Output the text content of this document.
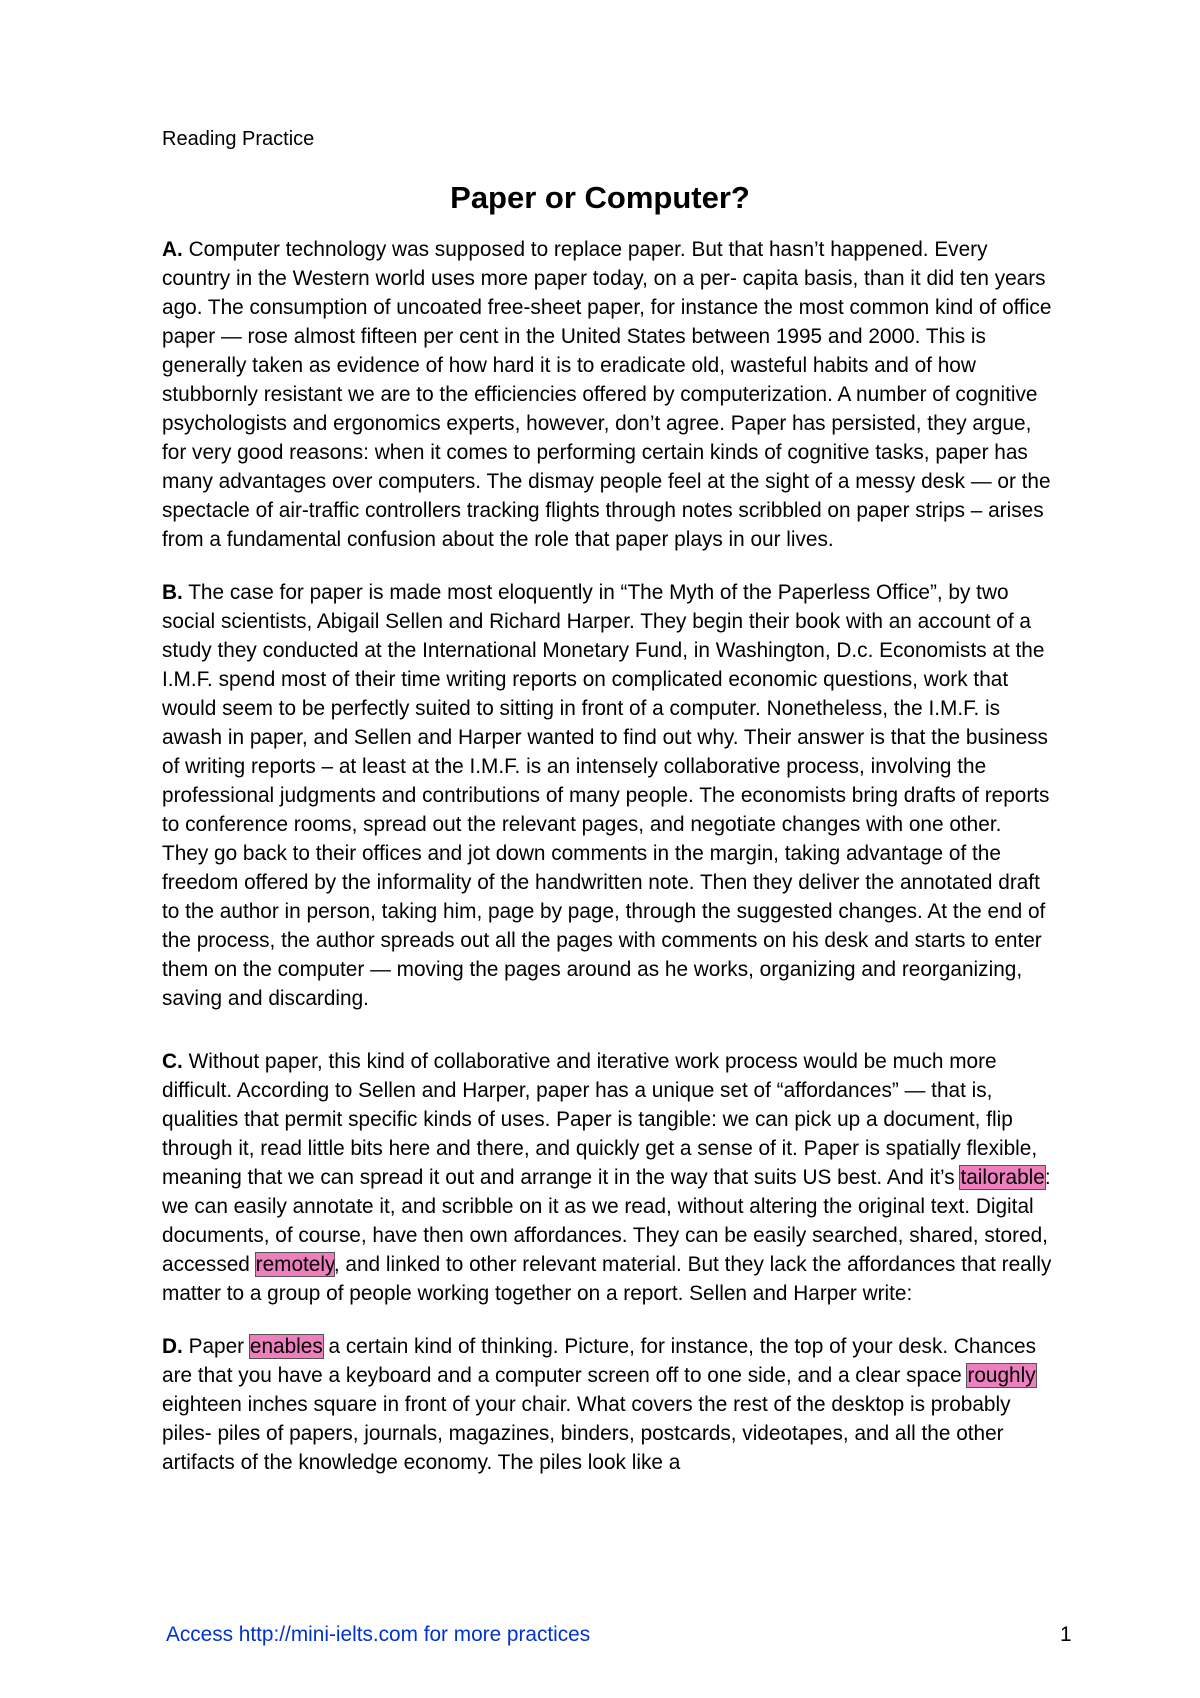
Reading Practice
Paper or Computer?

A. Computer technology was supposed to replace paper. But that hasn’t happened. Every country in the Western world uses more paper today, on a per- capita basis, than it did ten years ago. The consumption of uncoated free-sheet paper, for instance the most common kind of office paper — rose almost fifteen per cent in the United States between 1995 and 2000. This is generally taken as evidence of how hard it is to eradicate old, wasteful habits and of how stubbornly resistant we are to the efficiencies offered by computerization. A number of cognitive psychologists and ergonomics experts, however, don’t agree. Paper has persisted, they argue, for very good reasons: when it comes to performing certain kinds of cognitive tasks, paper has many advantages over computers. The dismay people feel at the sight of a messy desk — or the spectacle of air-traffic controllers tracking flights through notes scribbled on paper strips – arises from a fundamental confusion about the role that paper plays in our lives.

B. The case for paper is made most eloquently in “The Myth of the Paperless Office”, by two social scientists, Abigail Sellen and Richard Harper. They begin their book with an account of a study they conducted at the International Monetary Fund, in Washington, D.c. Economists at the I.M.F. spend most of their time writing reports on complicated economic questions, work that would seem to be perfectly suited to sitting in front of a computer. Nonetheless, the I.M.F. is awash in paper, and Sellen and Harper wanted to find out why. Their answer is that the business of writing reports – at least at the I.M.F. is an intensely collaborative process, involving the professional judgments and contributions of many people. The economists bring drafts of reports to conference rooms, spread out the relevant pages, and negotiate changes with one other. They go back to their offices and jot down comments in the margin, taking advantage of the freedom offered by the informality of the handwritten note. Then they deliver the annotated draft to the author in person, taking him, page by page, through the suggested changes. At the end of the process, the author spreads out all the pages with comments on his desk and starts to enter them on the computer — moving the pages around as he works, organizing and reorganizing, saving and discarding.

C. Without paper, this kind of collaborative and iterative work process would be much more difficult. According to Sellen and Harper, paper has a unique set of “affordances” — that is, qualities that permit specific kinds of uses. Paper is tangible: we can pick up a document, flip through it, read little bits here and there, and quickly get a sense of it. Paper is spatially flexible, meaning that we can spread it out and arrange it in the way that suits US best. And it’s tailorable: we can easily annotate it, and scribble on it as we read, without altering the original text. Digital documents, of course, have then own affordances. They can be easily searched, shared, stored, accessed remotely, and linked to other relevant material. But they lack the affordances that really matter to a group of people working together on a report. Sellen and Harper write:

D. Paper enables a certain kind of thinking. Picture, for instance, the top of your desk. Chances are that you have a keyboard and a computer screen off to one side, and a clear space roughly eighteen inches square in front of your chair. What covers the rest of the desktop is probably piles- piles of papers, journals, magazines, binders, postcards, videotapes, and all the other artifacts of the knowledge economy. The piles look like a

Access http://mini-ielts.com for more practices	1
